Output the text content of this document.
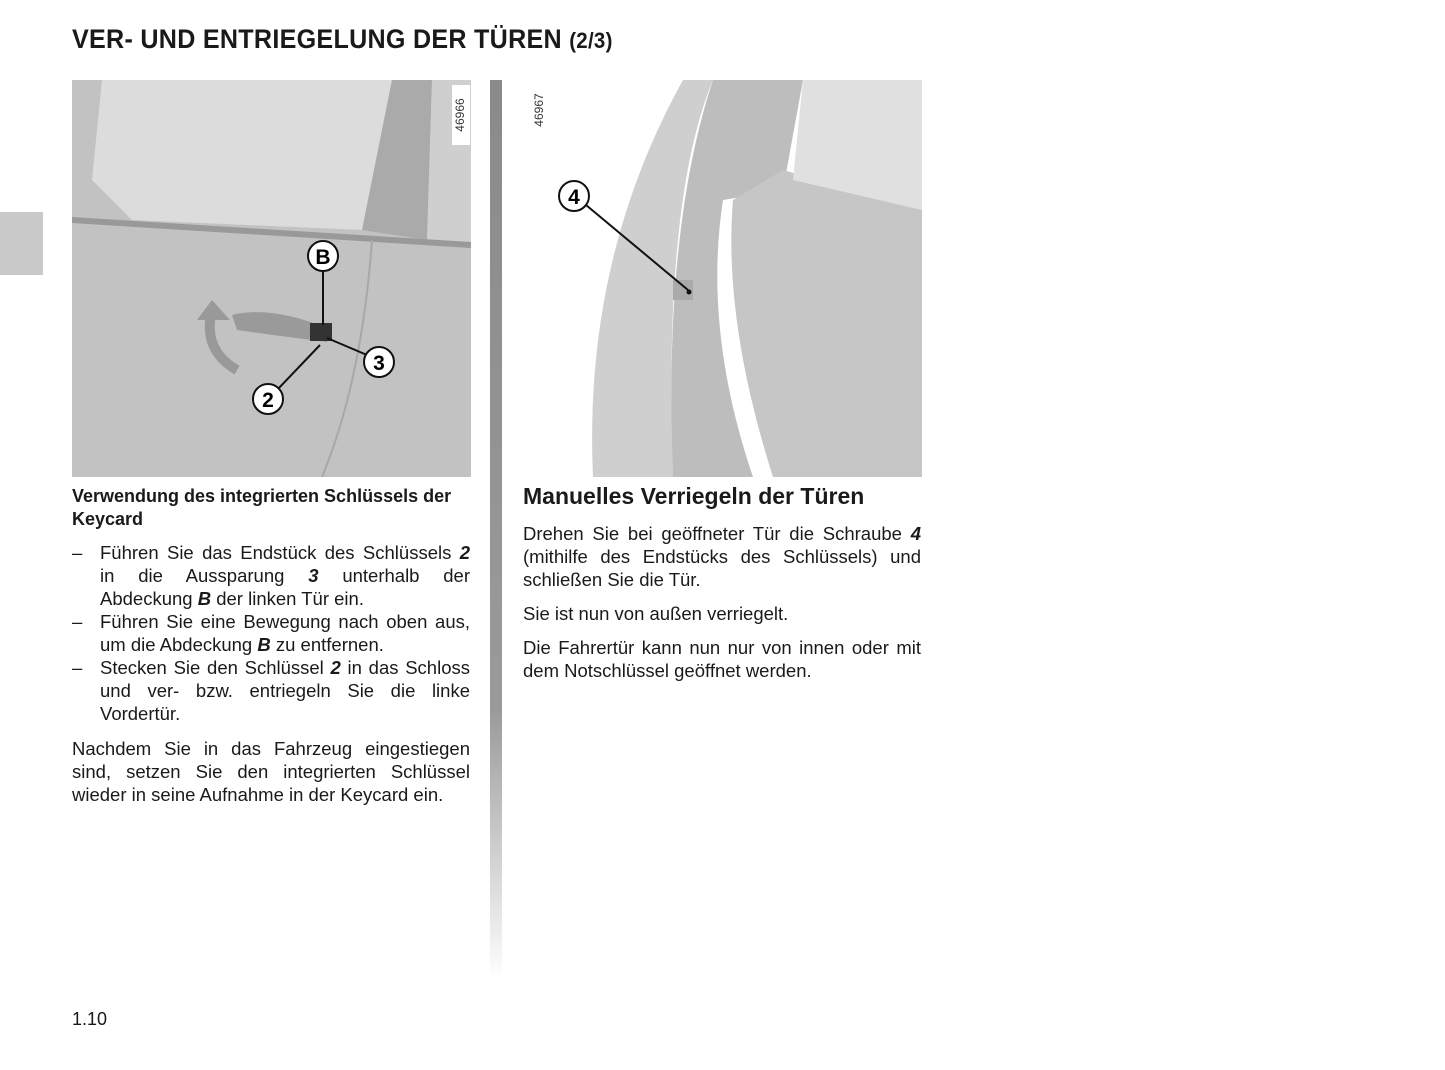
VER- UND ENTRIEGELUNG DER TÜREN (2/3)
46966
B
3
2
46967
4
Verwendung des integrierten Schlüssels der Keycard
– Führen Sie das Endstück des Schlüssels 2 in die Aussparung 3 unterhalb der Abdeckung B der linken Tür ein.
– Führen Sie eine Bewegung nach oben aus, um die Abdeckung B zu entfernen.
– Stecken Sie den Schlüssel 2 in das Schloss und ver- bzw. entriegeln Sie die linke Vordertür.

Nachdem Sie in das Fahrzeug eingestiegen sind, setzen Sie den integrierten Schlüssel wieder in seine Aufnahme in der Keycard ein.

Manuelles Verriegeln der Türen

Drehen Sie bei geöffneter Tür die Schraube 4 (mithilfe des Endstücks des Schlüssels) und schließen Sie die Tür.

Sie ist nun von außen verriegelt.

Die Fahrertür kann nun nur von innen oder mit dem Notschlüssel geöffnet werden.

1.10
